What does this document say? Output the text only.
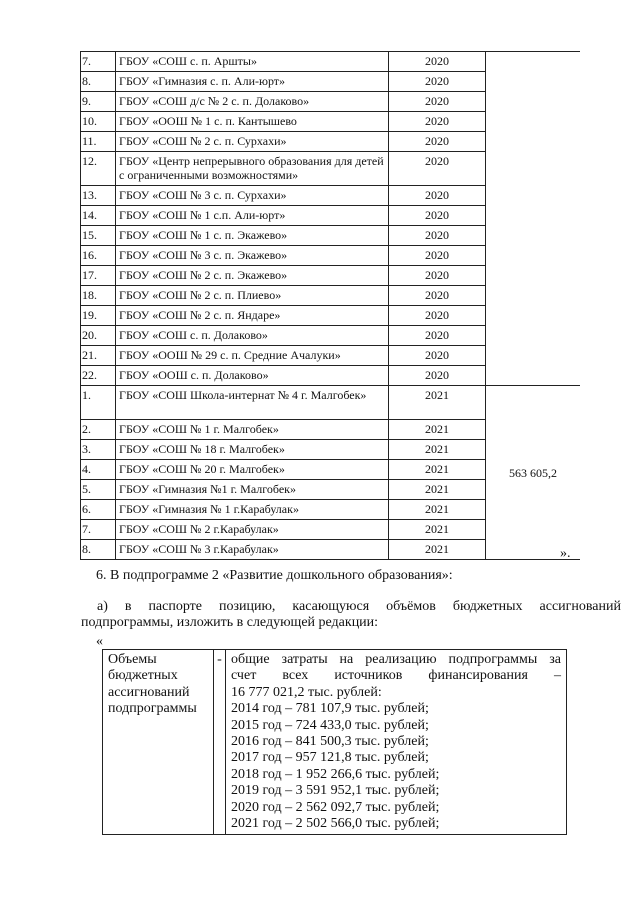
7.	ГБОУ «СОШ с. п. Аршты»	2020	
8.	ГБОУ «Гимназия с. п. Али-юрт»	2020	
9.	ГБОУ «СОШ д/с № 2 с. п. Долаково»	2020	
10.	ГБОУ «ООШ № 1 с. п. Кантышево	2020	
11.	ГБОУ «СОШ № 2 с. п. Сурхахи»	2020	
12.	ГБОУ «Центр непрерывного образования для детей с ограниченными возможностями»	2020	
13.	ГБОУ «СОШ № 3 с. п. Сурхахи»	2020	
14.	ГБОУ «СОШ № 1 с.п. Али-юрт»	2020	
15.	ГБОУ «СОШ № 1 с. п. Экажево»	2020	
16.	ГБОУ «СОШ № 3 с. п. Экажево»	2020	
17.	ГБОУ «СОШ № 2 с. п. Экажево»	2020	
18.	ГБОУ «СОШ № 2 с. п. Плиево»	2020	
19.	ГБОУ «СОШ № 2 с. п. Яндаре»	2020	
20.	ГБОУ «СОШ с. п. Долаково»	2020	
21.	ГБОУ «ООШ № 29 с. п. Средние Ачалуки»	2020	
22.	ГБОУ «ООШ с. п. Долаково»	2020	
1.	ГБОУ «СОШ Школа-интернат № 4 г. Малгобек»	2021	563 605,2
2.	ГБОУ «СОШ № 1 г. Малгобек»	2021	
3.	ГБОУ «СОШ № 18 г. Малгобек»	2021	
4.	ГБОУ «СОШ № 20 г. Малгобек»	2021	
5.	ГБОУ «Гимназия №1 г. Малгобек»	2021	
6.	ГБОУ «Гимназия № 1 г.Карабулак»	2021	
7.	ГБОУ «СОШ № 2 г.Карабулак»	2021	
8.	ГБОУ «СОШ № 3 г.Карабулак»	2021		».
6. В подпрограмме 2 «Развитие дошкольного образования»:
а) в паспорте позицию, касающуюся объёмов бюджетных ассигнований
подпрограммы, изложить в следующей редакции:
«
Объемы
бюджетных
ассигнований
подпрограммы
	-	общие затраты на реализацию подпрограммы за
счет всех источников финансирования –
16 777 021,2 тыс. рублей:
2014 год – 781 107,9 тыс. рублей;
2015 год – 724 433,0 тыс. рублей;
2016 год – 841 500,3 тыс. рублей;
2017 год – 957 121,8 тыс. рублей;
2018 год – 1 952 266,6 тыс. рублей;
2019 год – 3 591 952,1 тыс. рублей;
2020 год – 2 562 092,7 тыс. рублей;
2021 год – 2 502 566,0 тыс. рублей;
